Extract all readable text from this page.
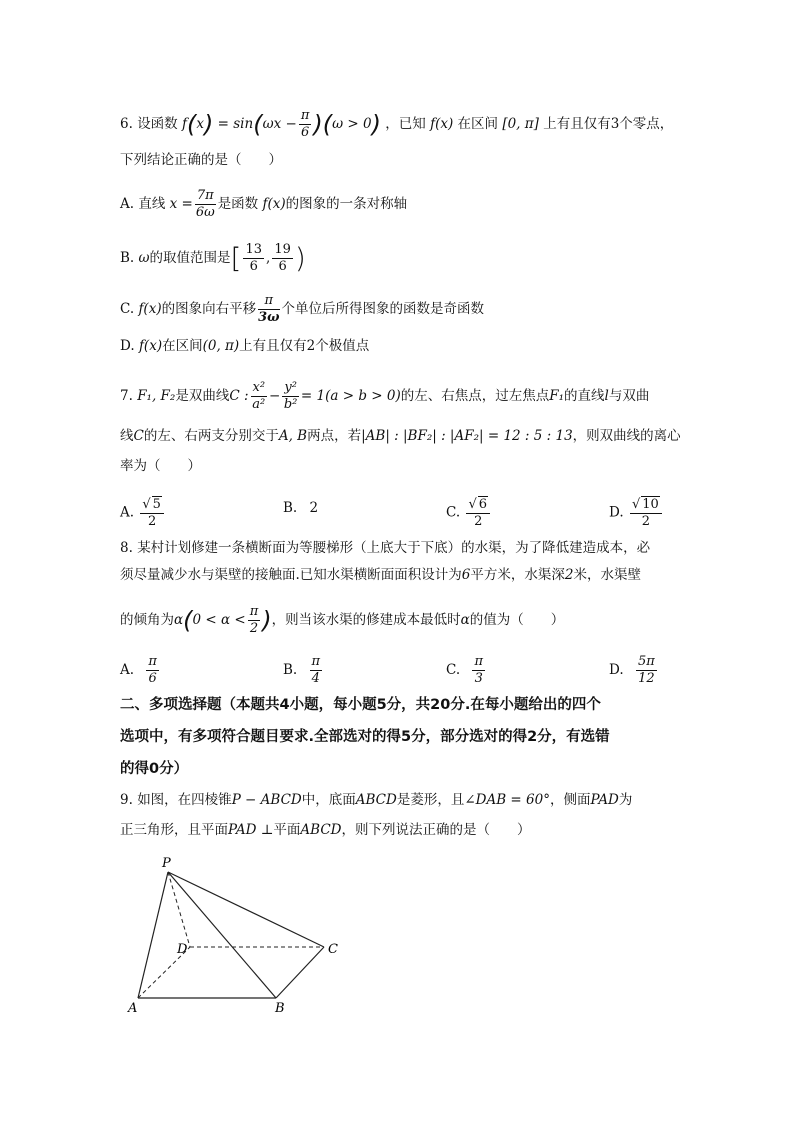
6. 设函数 $f(x) = \sin(\omega x - \frac{\pi}{6} )(\omega > 0)$ ，已知 f(x) 在区间 [0, π] 上有且仅有3个零点，
下列结论正确的是（　　）
A. 直线 $x = \frac{7\pi}{6\omega}$ 是函数 f(x)的图象的一条对称轴
B. ω的取值范围是[ $\frac{13}{6}$ , $\frac{19}{6}$ )
C. f(x)的图象向右平移 $\frac{\pi}{3\omega}$ 个单位后所得图象的函数是奇函数
D. f(x)在区间(0, π)上有且仅有2个极值点
7. F₁, F₂是双曲线C : $\frac{\text{x²}}{\text{a²}} - \frac{\text{y²}}{\text{b²}} = 1(a > b > 0)$的左、右焦点，过左焦点F₁的直线l与双曲
线C的左、右两支分别交于A, B两点，若|AB| : |BF₂| : |AF₂| = 12 : 5 : 13，则双曲线的离心
率为（　　）
A. $\frac{√ 5}{2}$	B. 2	C. $\frac{√ 6}{2}$	D. $\frac{√ 10}{2}$
8. 某村计划修建一条横断面为等腰梯形（上底大于下底）的水渠，为了降低建造成本，必
须尽量减少水与渠壁的接触面.已知水渠横断面面积设计为6平方米，水渠深2米，水渠壁
的倾角为$\alpha(0 < \alpha < \frac{\pi}{2}$ )，则当该水渠的修建成本最低时α的值为（　　）
A. $\frac{\pi}{6}$	B. $\frac{\pi}{4}$	C. $\frac{\pi}{3}$	D. $\frac{5\pi}{12}$
二、多项选择题（本题共4小题，每小题5分，共20分.在每小题给出的四个
选项中，有多项符合题目要求.全部选对的得5分，部分选对的得2分，有选错
的得0分）
9. 如图，在四棱锥P − ABCD中，底面ABCD是菱形，且∠DAB = 60°，侧面PAD为
正三角形，且平面PAD ⊥平面ABCD，则下列说法正确的是（　　）
P
D	C
A	B
